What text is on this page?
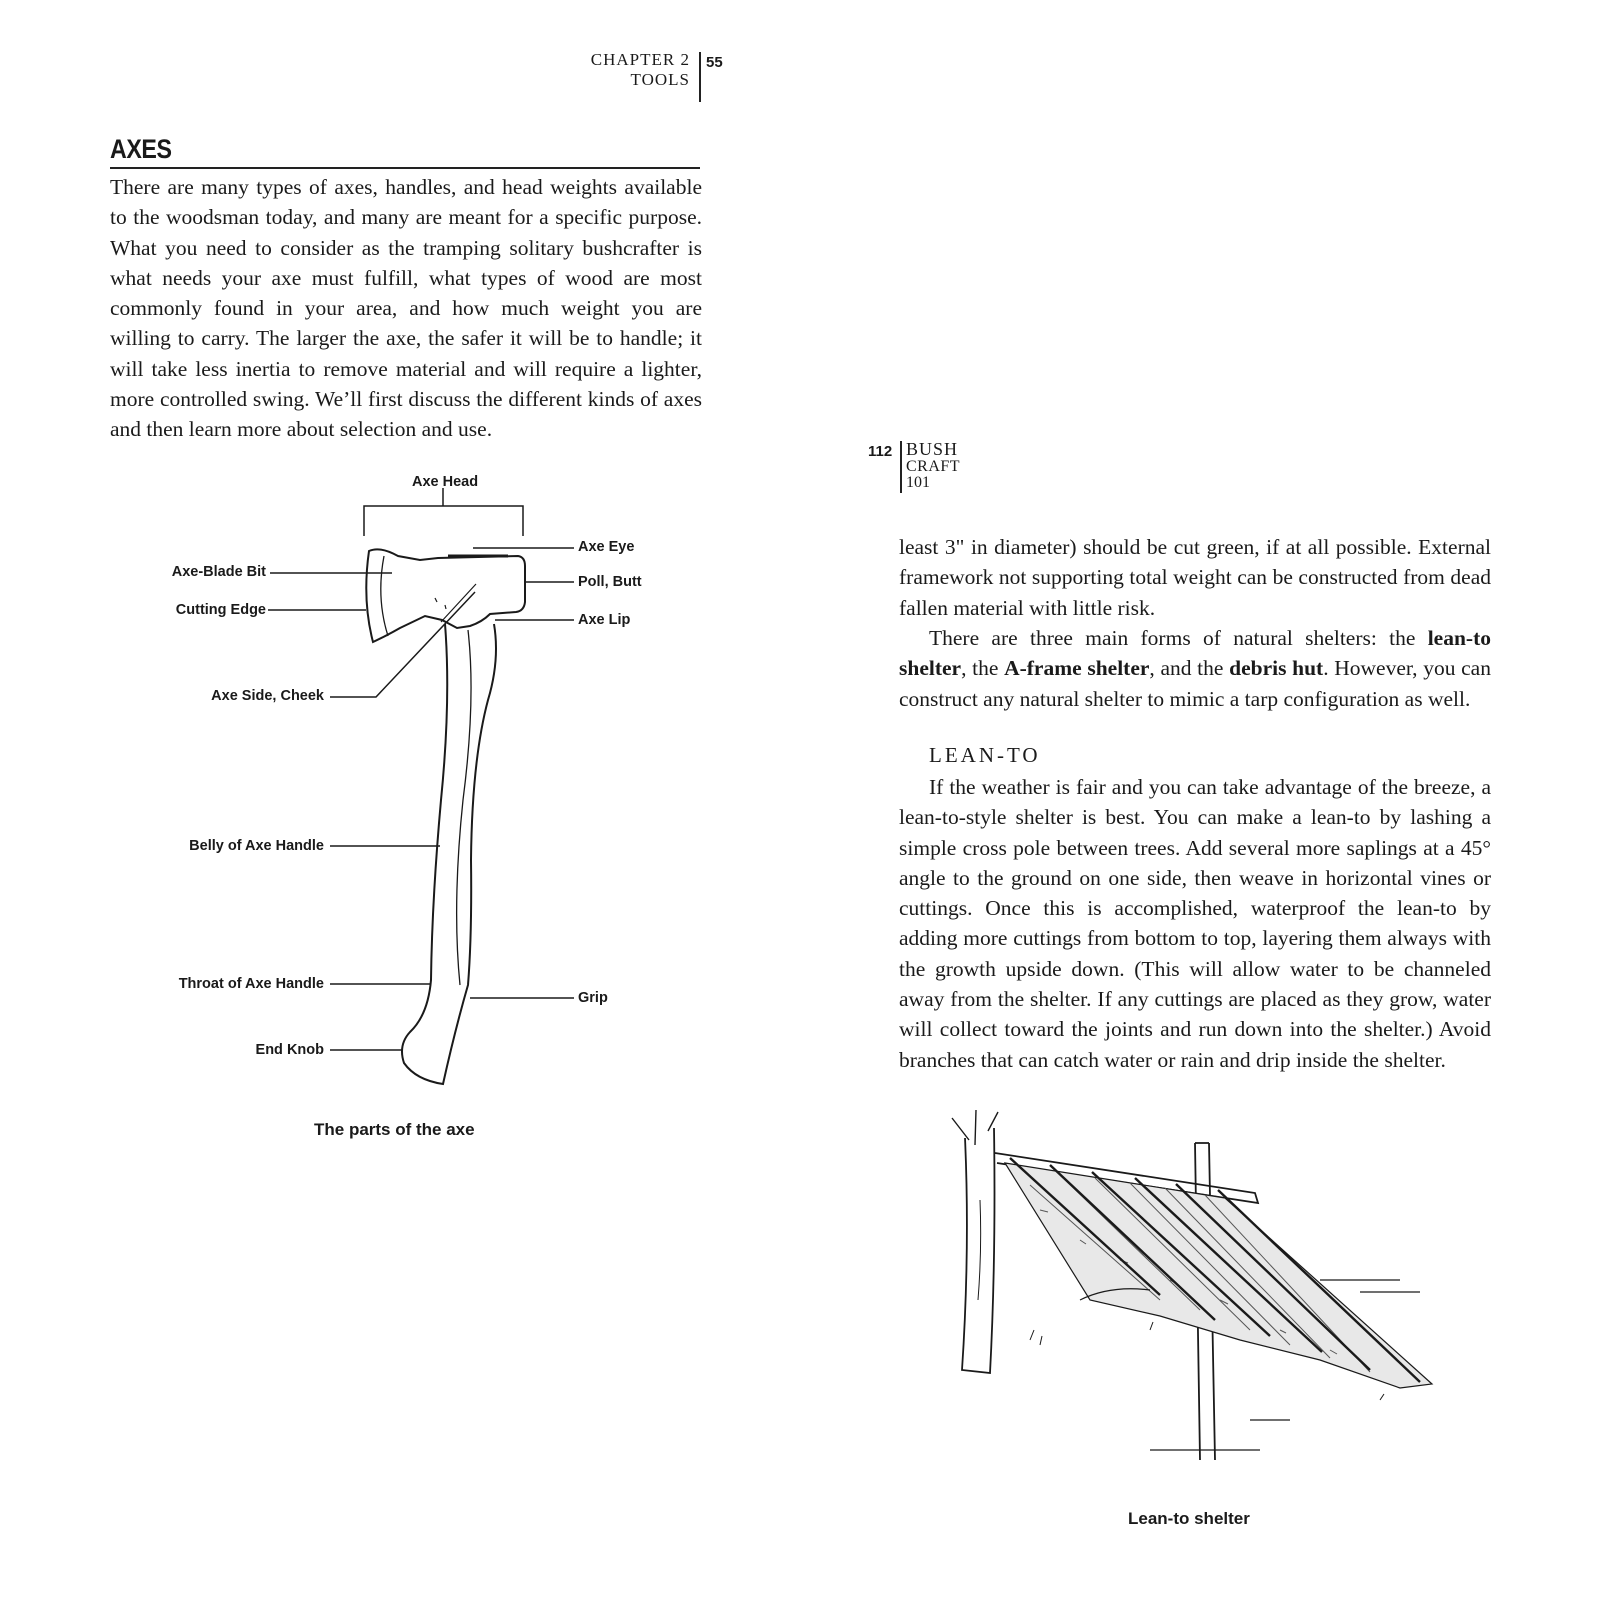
CHAPTER 2
TOOLS
55
AXES

There are many types of axes, handles, and head weights available to the woodsman today, and many are meant for a specific purpose. What you need to consider as the tramping solitary bushcrafter is what needs your axe must fulfill, what types of wood are most commonly found in your area, and how much weight you are willing to carry. The larger the axe, the safer it will be to handle; it will take less inertia to remove material and will require a lighter, more controlled swing. We’ll first discuss the different kinds of axes and then learn more about selection and use.

Axe Head
Axe Eye
Poll, Butt
Axe Lip
Axe-Blade Bit
Cutting Edge
Axe Side, Cheek
Belly of Axe Handle
Throat of Axe Handle
Grip
End Knob
The parts of the axe
112 BUSH
CRAFT
101

least 3" in diameter) should be cut green, if at all possible. External framework not supporting total weight can be constructed from dead fallen material with little risk.

There are three main forms of natural shelters: the lean-to shelter, the A-frame shelter, and the debris hut. However, you can construct any natural shelter to mimic a tarp configuration as well.

LEAN-TO

If the weather is fair and you can take advantage of the breeze, a lean-to-style shelter is best. You can make a lean-to by lashing a simple cross pole between trees. Add several more saplings at a 45° angle to the ground on one side, then weave in horizontal vines or cuttings. Once this is accomplished, waterproof the lean-to by adding more cuttings from bottom to top, layering them always with the growth upside down. (This will allow water to be channeled away from the shelter. If any cuttings are placed as they grow, water will collect toward the joints and run down into the shelter.) Avoid branches that can catch water or rain and drip inside the shelter.

Lean-to shelter
